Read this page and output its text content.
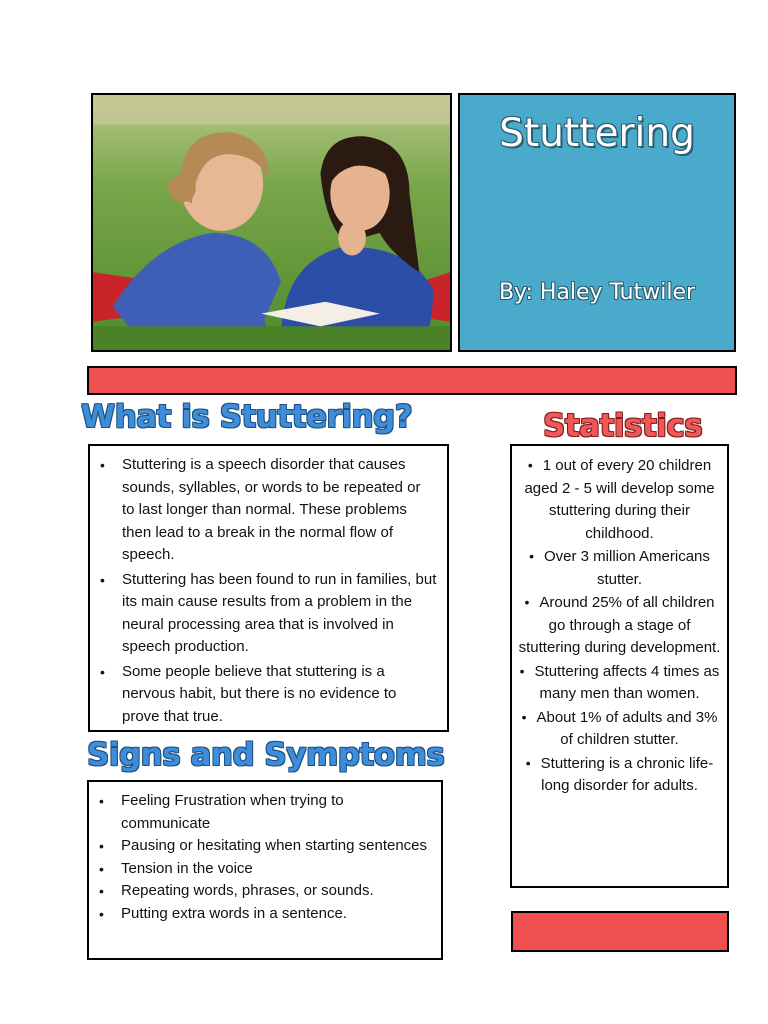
Stuttering
By: Haley Tutwiler
What is Stuttering?
Signs and Symptoms
Statistics
• Stuttering is a speech disorder that causes sounds, syllables, or words to be repeated or to last longer than normal. These problems then lead to a break in the normal flow of speech.
• Stuttering has been found to run in families, but its main cause results from a problem in the neural processing area that is involved in speech production.
• Some people believe that stuttering is a nervous habit, but there is no evidence to prove that true.
• Feeling Frustration when trying to communicate
• Pausing or hesitating when starting sentences
• Tension in the voice
• Repeating words, phrases, or sounds.
• Putting extra words in a sentence.
• 1 out of every 20 children aged 2 - 5 will develop some stuttering during their childhood.
• Over 3 million Americans stutter.
• Around 25% of all children go through a stage of stuttering during development.
• Stuttering affects 4 times as many men than women.
• About 1% of adults and 3% of children stutter.
• Stuttering is a chronic life-long disorder for adults.
